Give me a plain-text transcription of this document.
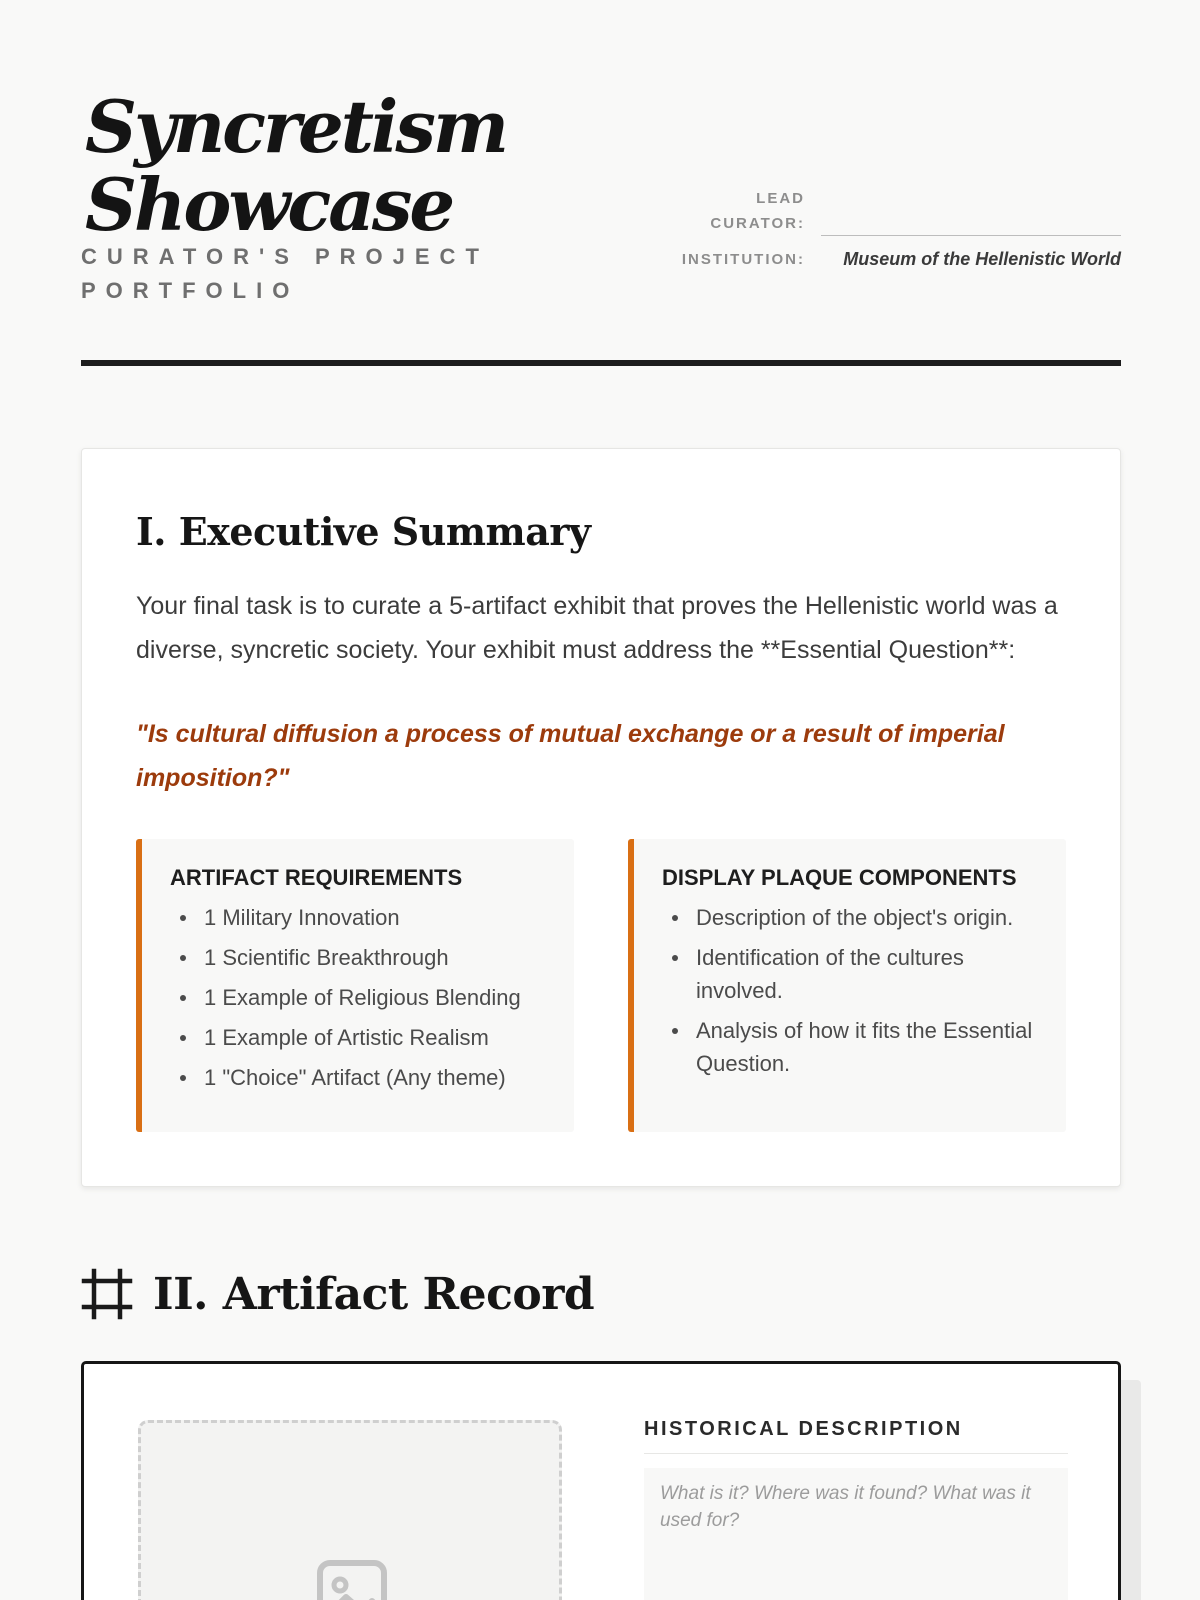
Syncretism
Showcase
CURATOR'S PROJECT PORTFOLIO
LEAD CURATOR:
INSTITUTION:	Museum of the Hellenistic World
I. Executive Summary
Your final task is to curate a 5-artifact exhibit that proves the Hellenistic world was a diverse, syncretic society. Your exhibit must address the **Essential Question**:
"Is cultural diffusion a process of mutual exchange or a result of imperial imposition?"
ARTIFACT REQUIREMENTS
1 Military Innovation
1 Scientific Breakthrough
1 Example of Religious Blending
1 Example of Artistic Realism
1 "Choice" Artifact (Any theme)
DISPLAY PLAQUE COMPONENTS
Description of the object's origin.
Identification of the cultures involved.
Analysis of how it fits the Essential Question.
II. Artifact Record
HISTORICAL DESCRIPTION
What is it? Where was it found? What was it used for?
